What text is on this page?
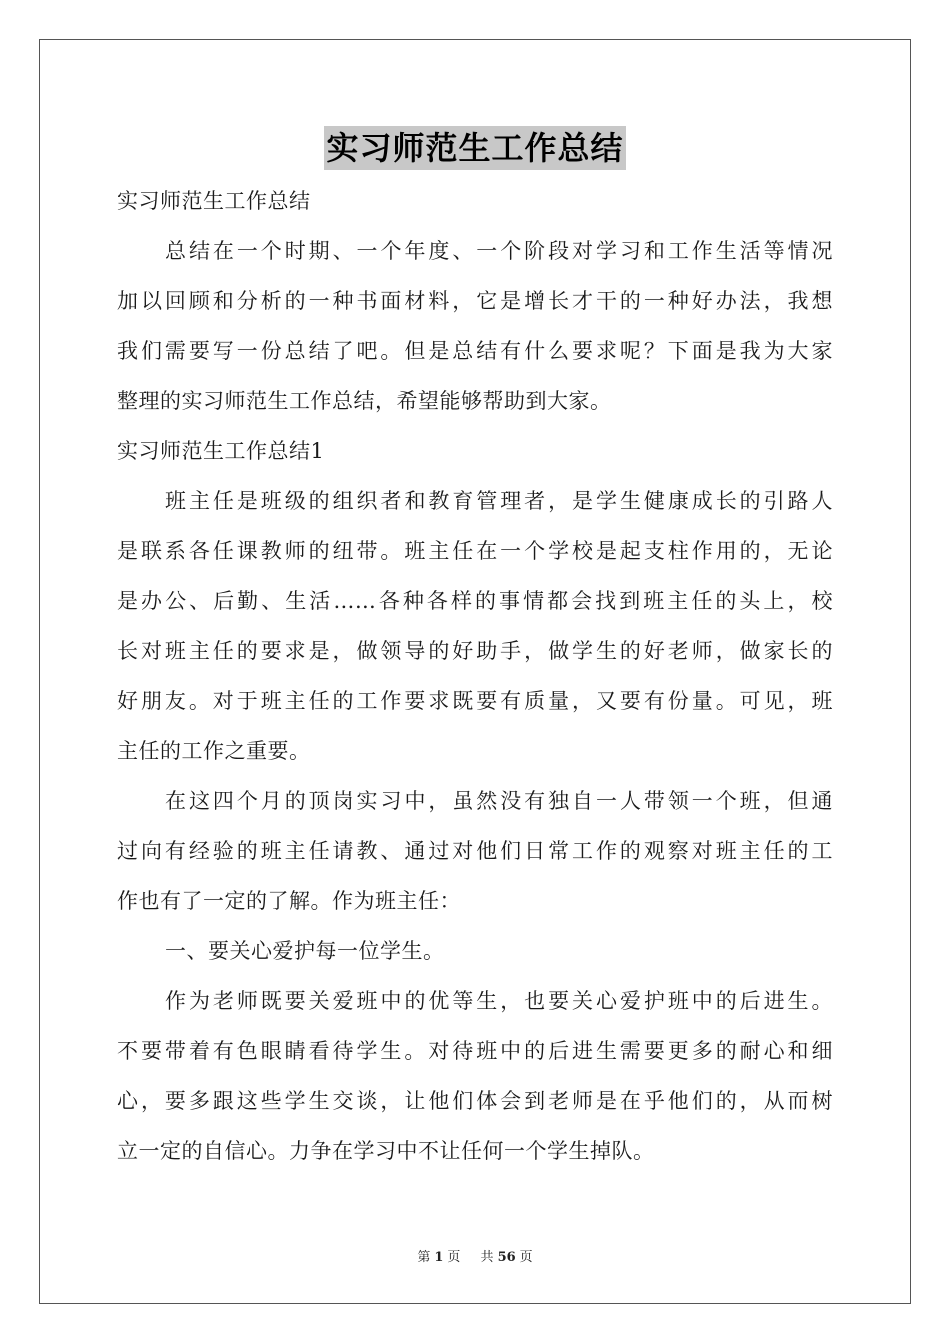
实习师范生工作总结
实习师范生工作总结
总结在一个时期、一个年度、一个阶段对学习和工作生活等情况
加以回顾和分析的一种书面材料，它是增长才干的一种好办法，我想
我们需要写一份总结了吧。但是总结有什么要求呢？下面是我为大家
整理的实习师范生工作总结，希望能够帮助到大家。
实习师范生工作总结1
班主任是班级的组织者和教育管理者，是学生健康成长的引路人
是联系各任课教师的纽带。班主任在一个学校是起支柱作用的，无论
是办公、后勤、生活……各种各样的事情都会找到班主任的头上，校
长对班主任的要求是，做领导的好助手，做学生的好老师，做家长的
好朋友。对于班主任的工作要求既要有质量，又要有份量。可见，班
主任的工作之重要。
在这四个月的顶岗实习中，虽然没有独自一人带领一个班，但通
过向有经验的班主任请教、通过对他们日常工作的观察对班主任的工
作也有了一定的了解。作为班主任：
一、要关心爱护每一位学生。
作为老师既要关爱班中的优等生，也要关心爱护班中的后进生。
不要带着有色眼睛看待学生。对待班中的后进生需要更多的耐心和细
心，要多跟这些学生交谈，让他们体会到老师是在乎他们的，从而树
立一定的自信心。力争在学习中不让任何一个学生掉队。
第 1 页 共 56 页
